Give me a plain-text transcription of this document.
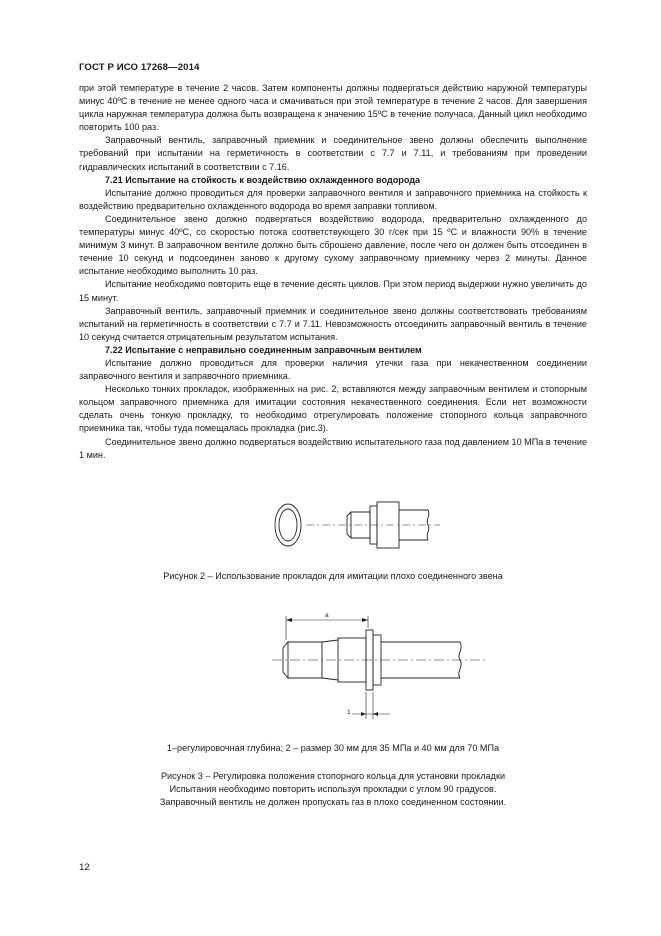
ГОСТ Р ИСО 17268—2014

при этой температуре в течение 2 часов. Затем компоненты должны подвергаться действию наружной температуры минус 40ºC в течение не менее одного часа и смачиваться при этой температуре в течение 2 часов. Для завершения цикла наружная температура должна быть возвращена к значению 15ºC в течение получаса. Данный цикл необходимо повторить 100 раз.

Заправочный вентиль, заправочный приемник и соединительное звено должны обеспечить выполнение требований при испытании на герметичность в соответствии с 7.7 и 7.11, и требованиям при проведении гидравлических испытаний в соответствии с 7.16.

7.21 Испытание на стойкость к воздействию охлажденного водорода

Испытание должно проводиться для проверки заправочного вентиля и заправочного приемника на стойкость к воздействию предварительно охлажденного водорода во время заправки топливом.

Соединительное звено должно подвергаться воздействию водорода, предварительно охлажденного до температуры минус 40ºC, со скоростью потока соответствующего 30 г/сек при 15 ºC и влажности 90% в течение минимум 3 минут. В заправочном вентиле должно быть сброшено давление, после чего он должен быть отсоединен в течение 10 секунд и подсоединен заново к другому сухому заправочному приемнику через 2 минуты. Данное испытание необходимо выполнить 10 раз.

Испытание необходимо повторить еще в течение десять циклов. При этом период выдержки нужно увеличить до 15 минут.

Заправочный вентиль, заправочный приемник и соединительное звено должны соответствовать требованиям испытаний на герметичность в соответствии с 7.7 и 7.11. Невозможность отсоединить заправочный вентиль в течение 10 секунд считается отрицательным результатом испытания.

7.22 Испытание с неправильно соединенным заправочным вентилем

Испытание должно проводиться для проверки наличия утечки газа при некачественном соединении заправочного вентиля и заправочного приемника.

Несколько тонких прокладок, изображенных на рис. 2, вставляются между заправочным вентилем и стопорным кольцом заправочного приемника для имитации состояния некачественного соединения. Если нет возможности сделать очень тонкую прокладку, то необходимо отрегулировать положение стопорного кольца заправочного приемника так, чтобы туда помещалась прокладка (рис.3).

Соединительное звено должно подвергаться воздействию испытательного газа под давлением 10 МПа в течение 1 мин.

Рисунок 2 – Использование прокладок для имитации плохо соединенного звена
a
1
1–регулировочная глубина; 2 – размер 30 мм для 35 МПа и 40 мм для 70 МПа
Рисунок 3 – Регулировка положения стопорного кольца для установки прокладки
Испытания необходимо повторить используя прокладки с углом 90 градусов.
Заправочный вентиль не должен пропускать газ в плохо соединенном состоянии.
12
